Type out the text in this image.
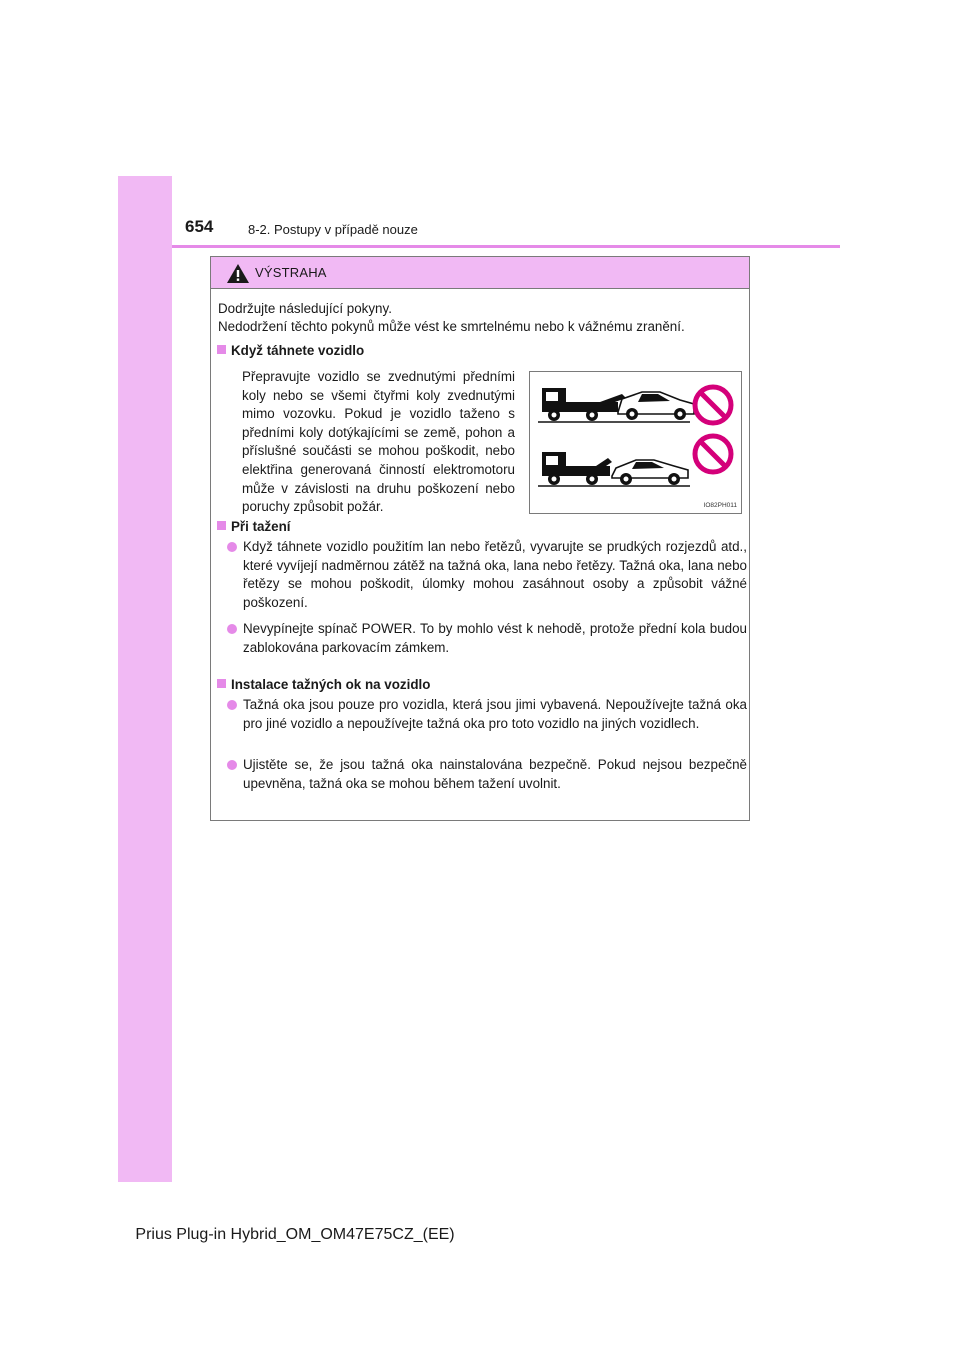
654	8-2. Postupy v případě nouze
VÝSTRAHA
Dodržujte následující pokyny.
Nedodržení těchto pokynů může vést ke smrtelnému nebo k vážnému zranění.
Když táhnete vozidlo
Přepravujte vozidlo se zvednutými předními koly nebo se všemi čtyřmi koly zvednutými mimo vozovku. Pokud je vozidlo taženo s předními koly dotýkajícími se země, pohon a příslušné součásti se mohou poškodit, nebo elektřina generovaná činností elektromotoru může v závislosti na druhu poškození nebo poruchy způsobit požár.	IO82PH011
Při tažení
Když táhnete vozidlo použitím lan nebo řetězů, vyvarujte se prudkých rozjezdů atd., které vyvíjejí nadměrnou zátěž na tažná oka, lana nebo řetězy. Tažná oka, lana nebo řetězy se mohou poškodit, úlomky mohou zasáhnout osoby a způsobit vážné poškození.
Nevypínejte spínač POWER. To by mohlo vést k nehodě, protože přední kola budou zablokována parkovacím zámkem.
Instalace tažných ok na vozidlo
Tažná oka jsou pouze pro vozidla, která jsou jimi vybavená. Nepoužívejte tažná oka pro jiné vozidlo a nepoužívejte tažná oka pro toto vozidlo na jiných vozidlech.
Ujistěte se, že jsou tažná oka nainstalována bezpečně. Pokud nejsou bezpečně upevněna, tažná oka se mohou během tažení uvolnit.
Prius Plug-in Hybrid_OM_OM47E75CZ_(EE)
